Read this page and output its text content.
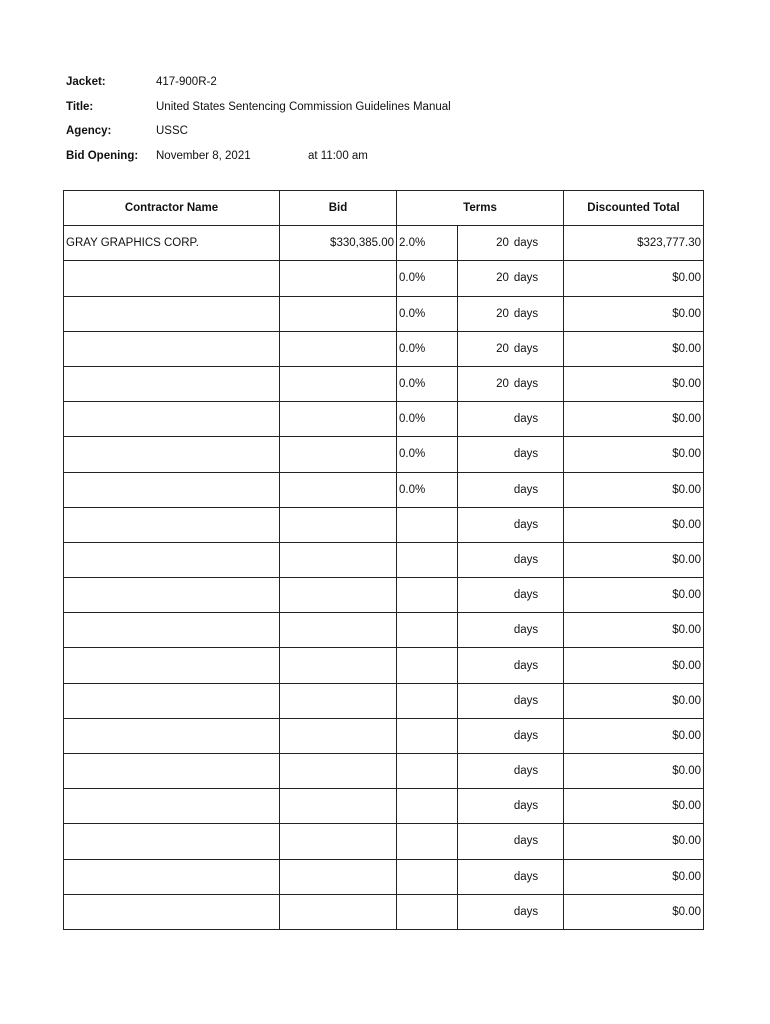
Jacket:	417-900R-2
Title:	United States Sentencing Commission Guidelines Manual
Agency:	USSC
Bid Opening: November 8, 2021	at 11:00 am
Contractor Name	Bid	Terms		Discounted Total
GRAY GRAPHICS CORP.	$330,385.00	2.0%	20 days	$323,777.30
		0.0%	20 days	$0.00
		0.0%	20 days	$0.00
		0.0%	20 days	$0.00
		0.0%	20 days	$0.00
		0.0%	days	$0.00
		0.0%	days	$0.00
		0.0%	days	$0.00
			days	$0.00
			days	$0.00
			days	$0.00
			days	$0.00
			days	$0.00
			days	$0.00
			days	$0.00
			days	$0.00
			days	$0.00
			days	$0.00
			days	$0.00
			days	$0.00
